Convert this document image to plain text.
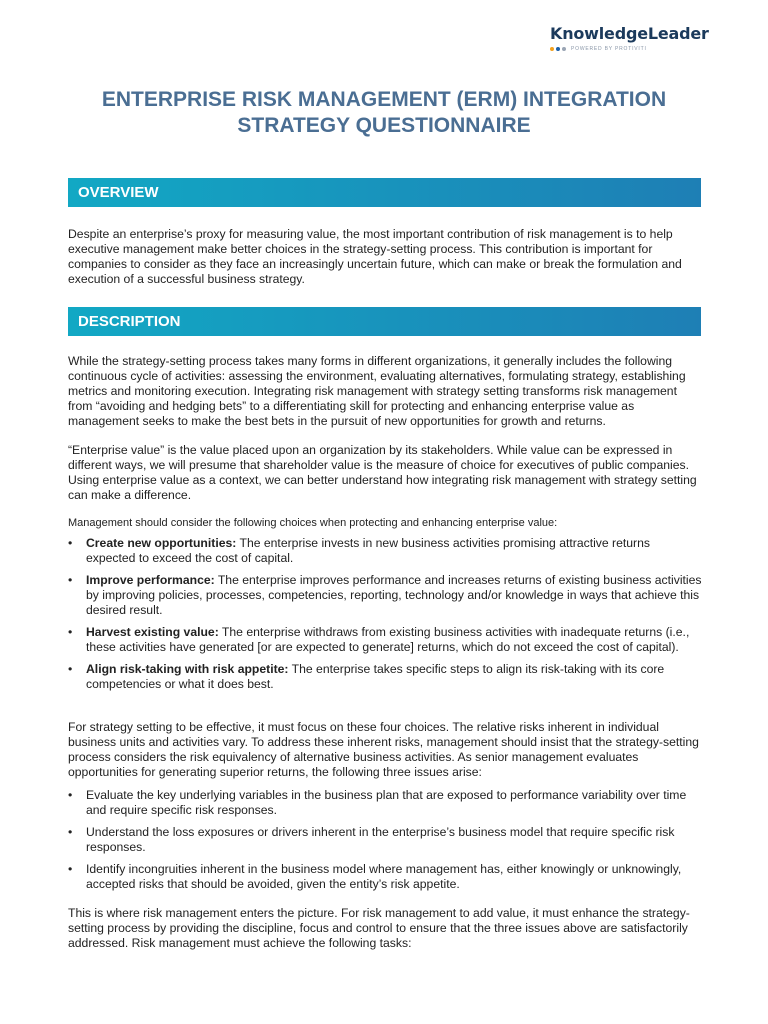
KnowledgeLeader
POWERED BY PROTIVITI
ENTERPRISE RISK MANAGEMENT (ERM) INTEGRATION STRATEGY QUESTIONNAIRE
OVERVIEW

Despite an enterprise’s proxy for measuring value, the most important contribution of risk management is to help executive management make better choices in the strategy-setting process. This contribution is important for companies to consider as they face an increasingly uncertain future, which can make or break the formulation and execution of a successful business strategy.

DESCRIPTION

While the strategy-setting process takes many forms in different organizations, it generally includes the following continuous cycle of activities: assessing the environment, evaluating alternatives, formulating strategy, establishing metrics and monitoring execution. Integrating risk management with strategy setting transforms risk management from “avoiding and hedging bets” to a differentiating skill for protecting and enhancing enterprise value as management seeks to make the best bets in the pursuit of new opportunities for growth and returns.

“Enterprise value” is the value placed upon an organization by its stakeholders. While value can be expressed in different ways, we will presume that shareholder value is the measure of choice for executives of public companies. Using enterprise value as a context, we can better understand how integrating risk management with strategy setting can make a difference.

Management should consider the following choices when protecting and enhancing enterprise value:

• Create new opportunities: The enterprise invests in new business activities promising attractive returns expected to exceed the cost of capital.
• Improve performance: The enterprise improves performance and increases returns of existing business activities by improving policies, processes, competencies, reporting, technology and/or knowledge in ways that achieve this desired result.
• Harvest existing value: The enterprise withdraws from existing business activities with inadequate returns (i.e., these activities have generated [or are expected to generate] returns, which do not exceed the cost of capital).
• Align risk-taking with risk appetite: The enterprise takes specific steps to align its risk-taking with its core competencies or what it does best.

For strategy setting to be effective, it must focus on these four choices. The relative risks inherent in individual business units and activities vary. To address these inherent risks, management should insist that the strategy-setting process considers the risk equivalency of alternative business activities. As senior management evaluates opportunities for generating superior returns, the following three issues arise:

• Evaluate the key underlying variables in the business plan that are exposed to performance variability over time and require specific risk responses.
• Understand the loss exposures or drivers inherent in the enterprise’s business model that require specific risk responses.
• Identify incongruities inherent in the business model where management has, either knowingly or unknowingly, accepted risks that should be avoided, given the entity’s risk appetite.

This is where risk management enters the picture. For risk management to add value, it must enhance the strategy-setting process by providing the discipline, focus and control to ensure that the three issues above are satisfactorily addressed. Risk management must achieve the following tasks:
